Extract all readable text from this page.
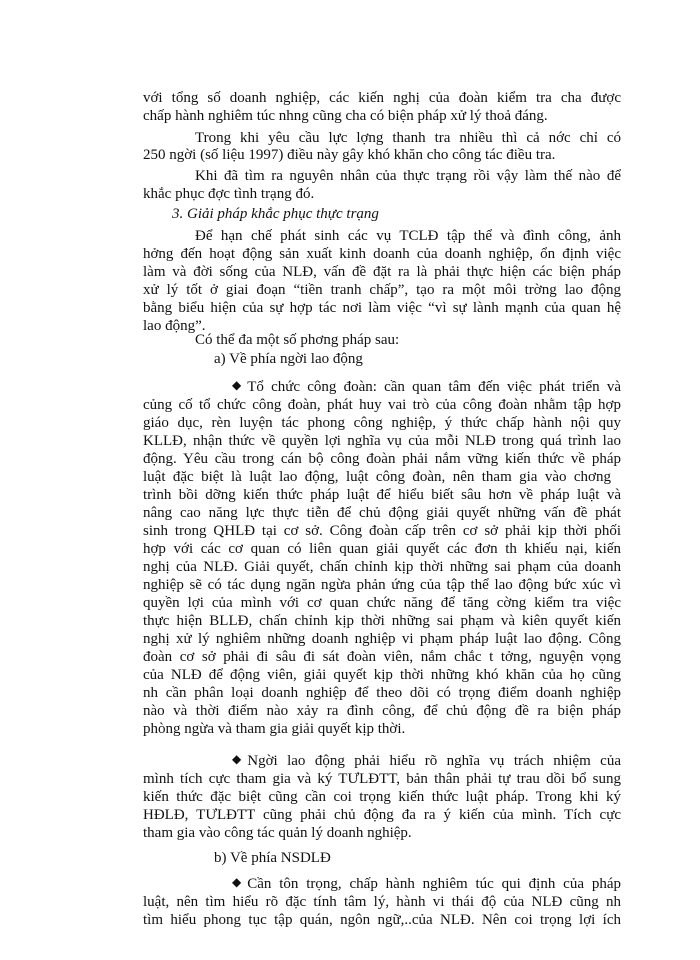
với tổng số doanh nghiệp, các kiến nghị của đoàn kiểm tra cha được
chấp hành nghiêm túc nhng cũng cha có biện pháp xử lý thoả đáng.
Trong khi yêu cầu lực lợng thanh tra nhiều thì cả nớc chỉ có
250 ngời (số liệu 1997) điều này gây khó khăn cho công tác điều tra.
Khi đã tìm ra nguyên nhân của thực trạng rồi vậy làm thế nào để
khắc phục đợc tình trạng đó.
3. Giải pháp khắc phục thực trạng
Để hạn chế phát sinh các vụ TCLĐ tập thể và đình công, ảnh
hởng đến hoạt động sản xuất kinh doanh của doanh nghiệp, ổn định việc
làm và đời sống của NLĐ, vấn đề đặt ra là phải thực hiện các biện pháp
xử lý tốt ở giai đoạn “tiền tranh chấp”, tạo ra một môi trờng lao động
bằng biểu hiện của sự hợp tác nơi làm việc “vì sự lành mạnh của quan hệ
lao động”.
Có thể đa một số phơng pháp sau:
a) Về phía ngời lao động
◆ Tổ chức công đoàn: cần quan tâm đến việc phát triển và
củng cố tổ chức công đoàn, phát huy vai trò của công đoàn nhằm tập hợp
giáo dục, rèn luyện tác phong công nghiệp, ý thức chấp hành nội quy
KLLĐ, nhận thức về quyền lợi nghĩa vụ của mỗi NLĐ trong quá trình lao
động. Yêu cầu trong cán bộ công đoàn phải nắm vững kiến thức về pháp
luật đặc biệt là luật lao động, luật công đoàn, nên tham gia vào chơng
trình bồi dỡng kiến thức pháp luật để hiểu biết sâu hơn về pháp luật và
nâng cao năng lực thực tiễn để chủ động giải quyết những vấn đề phát
sinh trong QHLĐ tại cơ sở. Công đoàn cấp trên cơ sở phải kịp thời phối
hợp với các cơ quan có liên quan giải quyết các đơn th khiếu nại, kiến
nghị của NLĐ. Giải quyết, chấn chỉnh kịp thời những sai phạm của doanh
nghiệp sẽ có tác dụng ngăn ngừa phản ứng của tập thể lao động bức xúc vì
quyền lợi của mình với cơ quan chức năng để tăng cờng kiểm tra việc
thực hiện BLLĐ, chấn chỉnh kịp thời những sai phạm và kiên quyết kiến
nghị xử lý nghiêm những doanh nghiệp vi phạm pháp luật lao động. Công
đoàn cơ sở phải đi sâu đi sát đoàn viên, nắm chắc t tởng, nguyện vọng
của NLĐ để động viên, giải quyết kịp thời những khó khăn của họ cũng
nh cần phân loại doanh nghiệp để theo dõi có trọng điểm doanh nghiệp
nào và thời điểm nào xảy ra đình công, để chủ động đề ra biện pháp
phòng ngừa và tham gia giải quyết kịp thời.
◆ Ngời lao động phải hiểu rõ nghĩa vụ trách nhiệm của
mình tích cực tham gia và ký TƯLĐTT, bản thân phải tự trau dồi bổ sung
kiến thức đặc biệt cũng cần coi trọng kiến thức luật pháp. Trong khi ký
HĐLĐ, TƯLĐTT cũng phải chủ động đa ra ý kiến của mình. Tích cực
tham gia vào công tác quản lý doanh nghiệp.
b) Về phía NSDLĐ
◆ Cần tôn trọng, chấp hành nghiêm túc qui định của pháp
luật, nên tìm hiểu rõ đặc tính tâm lý, hành vi thái độ của NLĐ cũng nh
tìm hiểu phong tục tập quán, ngôn ngữ,..của NLĐ. Nên coi trọng lợi ích
